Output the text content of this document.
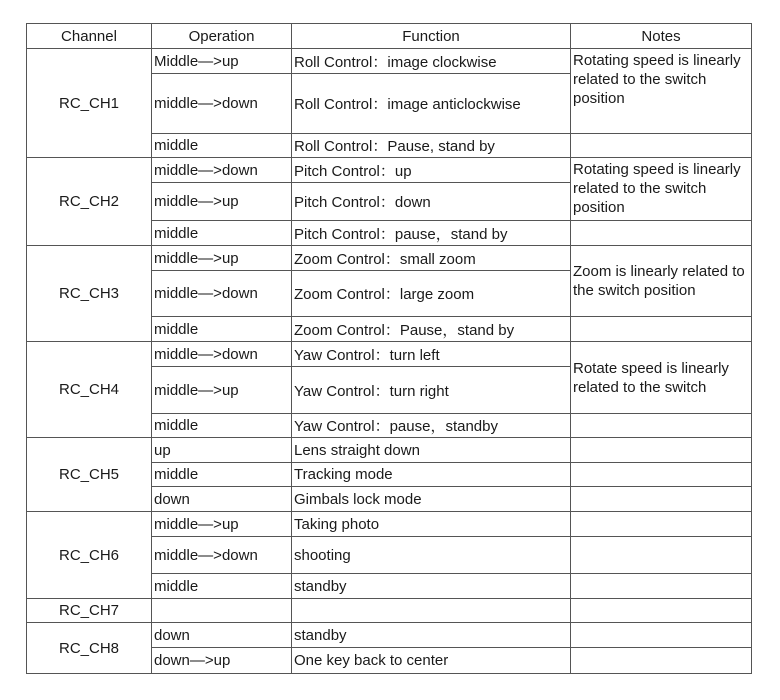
Channel	Operation	Function	Notes
RC_CH1	Middle—>up	Roll Control：image clockwise	Rotating speed is linearly related to the switch position
	middle—>down	Roll Control：image anticlockwise	
	middle	Roll Control：Pause, stand by	
RC_CH2	middle—>down	Pitch Control：up	Rotating speed is linearly related to the switch position
	middle—>up	Pitch Control：down	
	middle	Pitch Control：pause，stand by	
RC_CH3	middle—>up	Zoom Control：small zoom	Zoom is linearly related to the switch position
	middle—>down	Zoom Control：large zoom	
	middle	Zoom Control：Pause，stand by	
RC_CH4	middle—>down	Yaw Control：turn left	Rotate speed is linearly related to the switch
	middle—>up	Yaw Control：turn right	
	middle	Yaw Control：pause，standby	
RC_CH5	up	Lens straight down	
	middle	Tracking mode	
	down	Gimbals lock mode	
RC_CH6	middle—>up	Taking photo	
	middle—>down	shooting	
	middle	standby	
RC_CH7			
RC_CH8	down	standby	
	down—>up	One key back to center	
